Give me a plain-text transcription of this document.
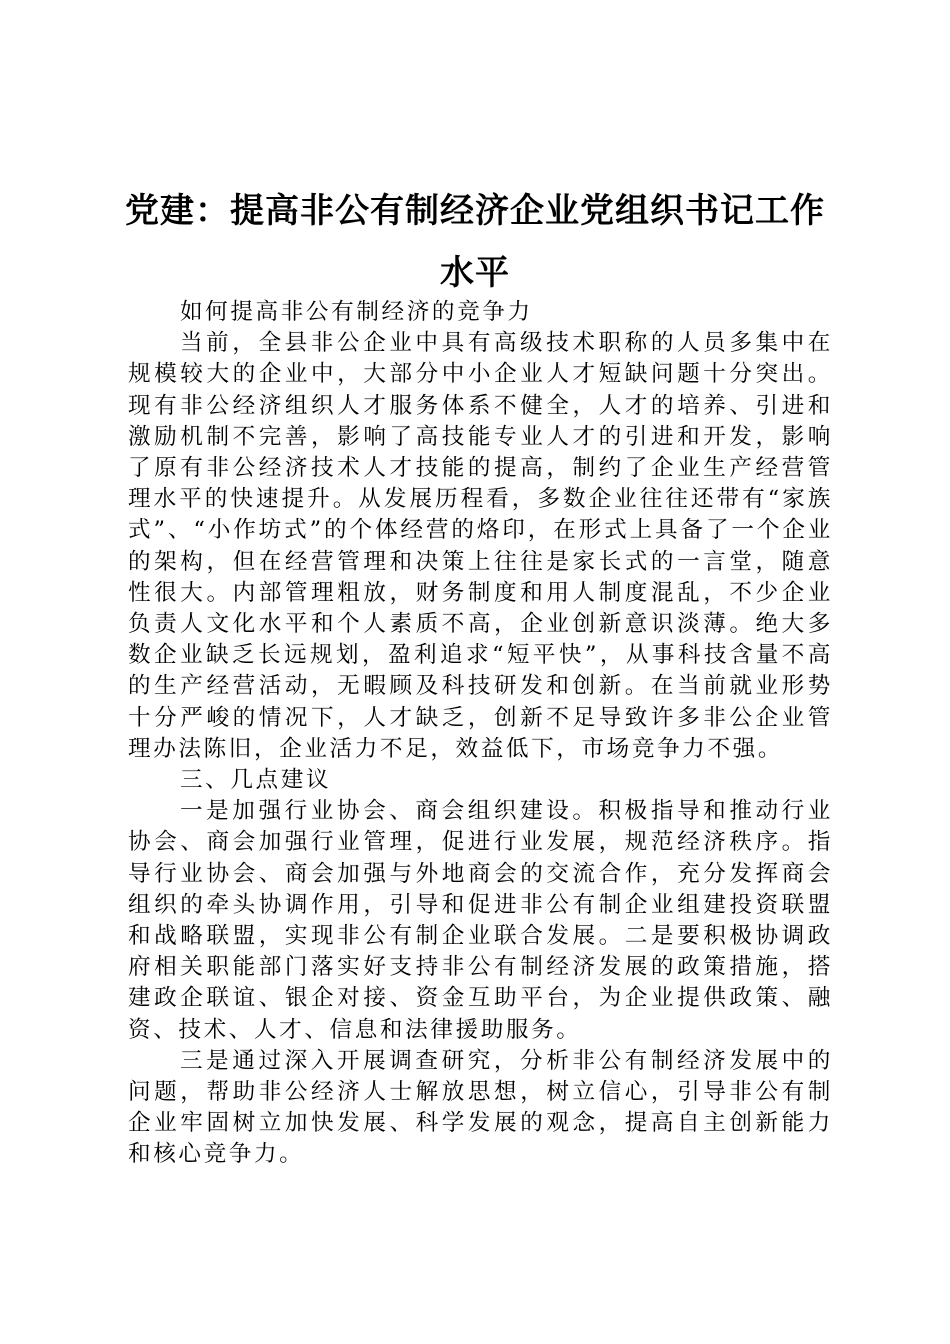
党建：提高非公有制经济企业党组织书记工作水平

如何提高非公有制经济的竞争力

当前，全县非公企业中具有高级技术职称的人员多集中在规模较大的企业中，大部分中小企业人才短缺问题十分突出。现有非公经济组织人才服务体系不健全，人才的培养、引进和激励机制不完善，影响了高技能专业人才的引进和开发，影响了原有非公经济技术人才技能的提高，制约了企业生产经营管理水平的快速提升。从发展历程看，多数企业往往还带有“家族式”、“小作坊式”的个体经营的烙印，在形式上具备了一个企业的架构，但在经营管理和决策上往往是家长式的一言堂，随意性很大。内部管理粗放，财务制度和用人制度混乱，不少企业负责人文化水平和个人素质不高，企业创新意识淡薄。绝大多数企业缺乏长远规划，盈利追求“短平快”，从事科技含量不高的生产经营活动，无暇顾及科技研发和创新。在当前就业形势十分严峻的情况下，人才缺乏，创新不足导致许多非公企业管理办法陈旧，企业活力不足，效益低下，市场竞争力不强。

三、几点建议

一是加强行业协会、商会组织建设。积极指导和推动行业协会、商会加强行业管理，促进行业发展，规范经济秩序。指导行业协会、商会加强与外地商会的交流合作，充分发挥商会组织的牵头协调作用，引导和促进非公有制企业组建投资联盟和战略联盟，实现非公有制企业联合发展。二是要积极协调政府相关职能部门落实好支持非公有制经济发展的政策措施，搭建政企联谊、银企对接、资金互助平台，为企业提供政策、融资、技术、人才、信息和法律援助服务。

三是通过深入开展调查研究，分析非公有制经济发展中的问题，帮助非公经济人士解放思想，树立信心，引导非公有制企业牢固树立加快发展、科学发展的观念，提高自主创新能力和核心竞争力。
